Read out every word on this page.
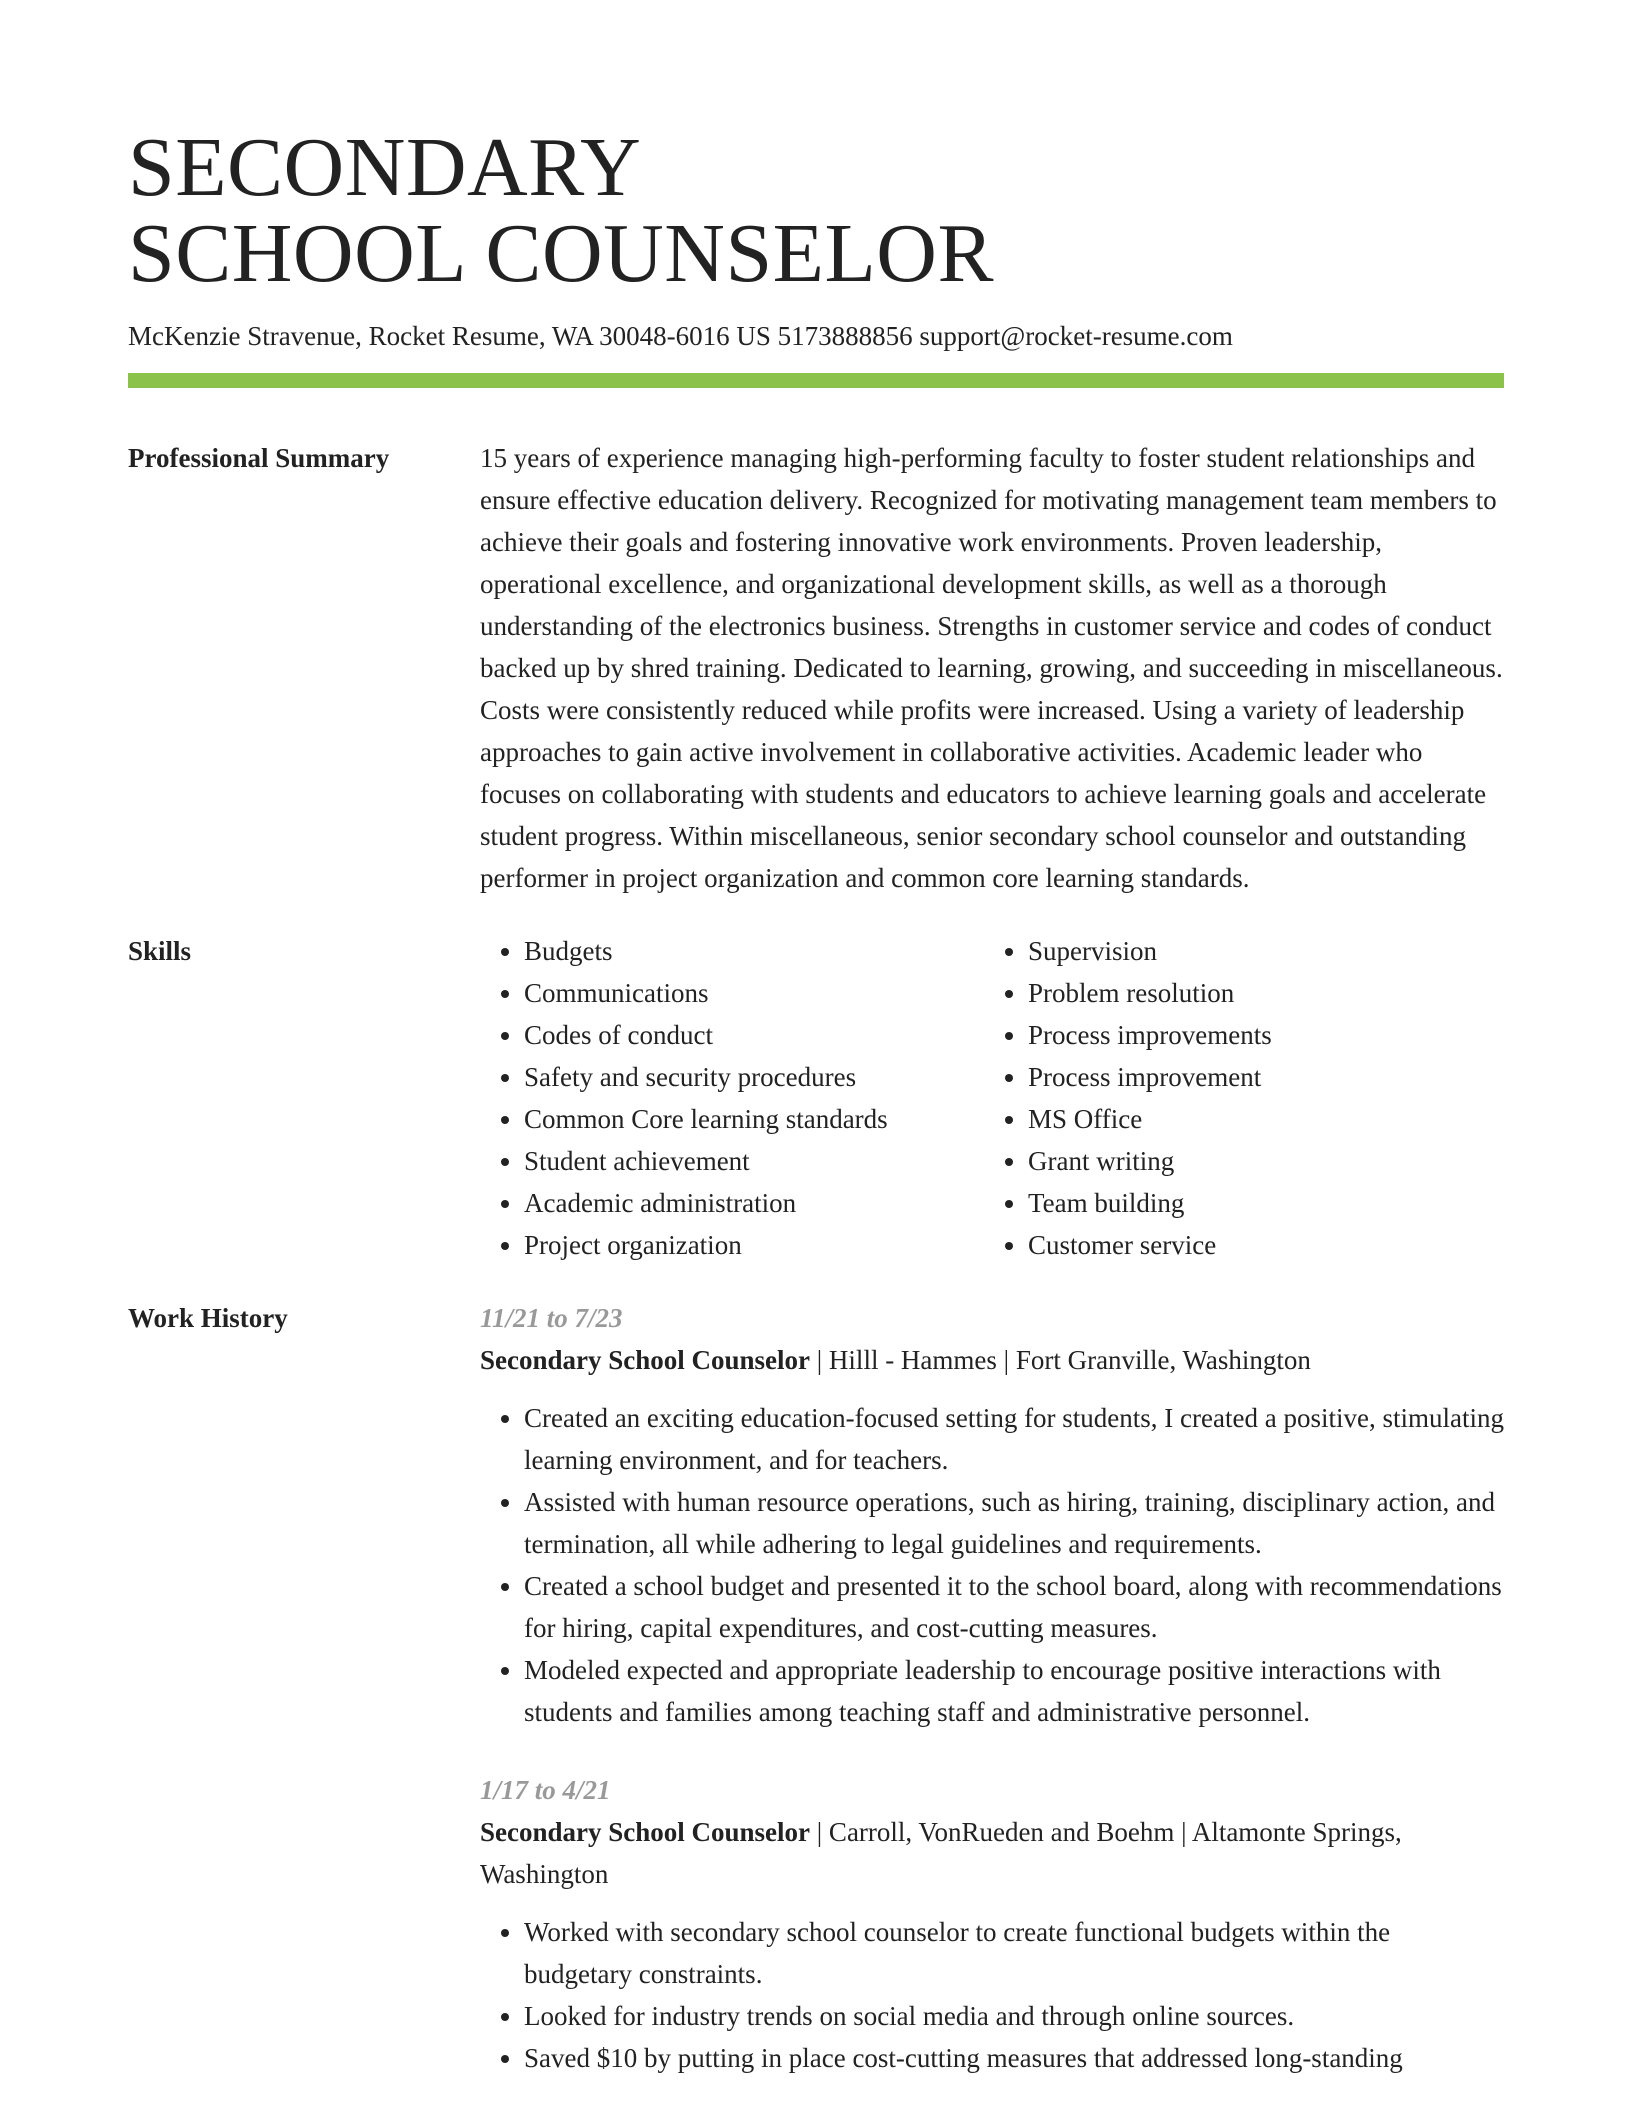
SECONDARY
SCHOOL COUNSELOR
McKenzie Stravenue, Rocket Resume, WA 30048-6016 US 5173888856 support@rocket-resume.com
Professional Summary	15 years of experience managing high-performing faculty to foster student relationships and ensure effective education delivery. Recognized for motivating management team members to achieve their goals and fostering innovative work environments. Proven leadership, operational excellence, and organizational development skills, as well as a thorough understanding of the electronics business. Strengths in customer service and codes of conduct backed up by shred training. Dedicated to learning, growing, and succeeding in miscellaneous. Costs were consistently reduced while profits were increased. Using a variety of leadership approaches to gain active involvement in collaborative activities. Academic leader who focuses on collaborating with students and educators to achieve learning goals and accelerate student progress. Within miscellaneous, senior secondary school counselor and outstanding performer in project organization and common core learning standards.
Skills
•	Budgets
• Communications
• Codes of conduct
• Safety and security procedures
• Common Core learning standards
• Student achievement
• Academic administration
• Project organization
• Supervision
• Problem resolution
• Process improvements
• Process improvement
• MS Office
• Grant writing
• Team building
• Customer service
Work History	11/21 to 7/23
Secondary School Counselor | Hilll - Hammes | Fort Granville, Washington
• Created an exciting education-focused setting for students, I created a positive, stimulating learning environment, and for teachers.
• Assisted with human resource operations, such as hiring, training, disciplinary action, and termination, all while adhering to legal guidelines and requirements.
• Created a school budget and presented it to the school board, along with recommendations for hiring, capital expenditures, and cost-cutting measures.
• Modeled expected and appropriate leadership to encourage positive interactions with students and families among teaching staff and administrative personnel.
1/17 to 4/21
Secondary School Counselor | Carroll, VonRueden and Boehm | Altamonte Springs, Washington
• Worked with secondary school counselor to create functional budgets within the budgetary constraints.
• Looked for industry trends on social media and through online sources.
• Saved $10 by putting in place cost-cutting measures that addressed long-standing
